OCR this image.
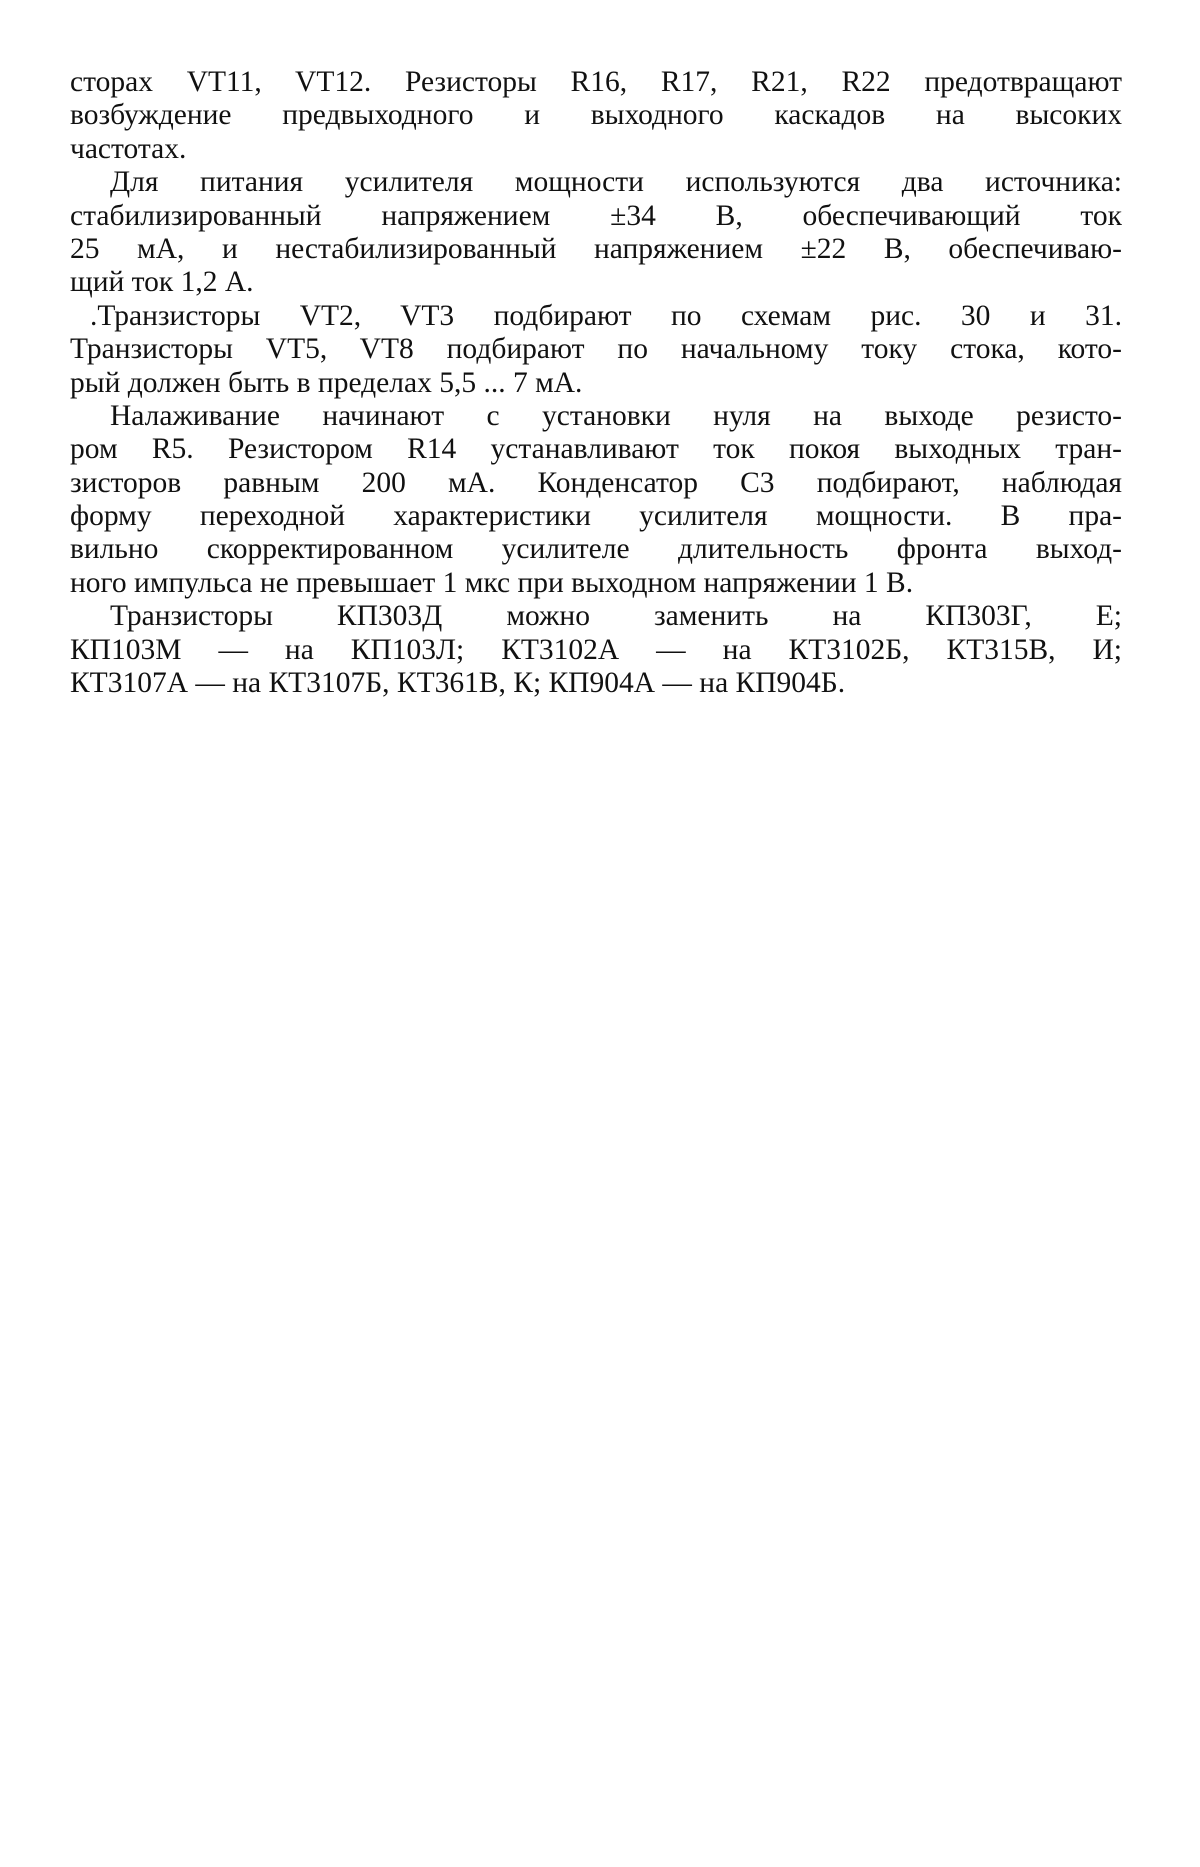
сторах VT11, VT12. Резисторы R16, R17, R21, R22 предотвращают
возбуждение предвыходного и выходного каскадов на высоких
частотах.
Для питания усилителя мощности используются два источника:
стабилизированный напряжением ±34 В, обеспечивающий ток
25 мА, и нестабилизированный напряжением ±22 В, обеспечиваю-
щий ток 1,2 А.
.Транзисторы VT2, VT3 подбирают по схемам рис. 30 и 31.
Транзисторы VT5, VT8 подбирают по начальному току стока, кото-
рый должен быть в пределах 5,5 ... 7 мА.
Налаживание начинают с установки нуля на выходе резисто-
ром R5. Резистором R14 устанавливают ток покоя выходных тран-
зисторов равным 200 мА. Конденсатор С3 подбирают, наблюдая
форму переходной характеристики усилителя мощности. В пра-
вильно скорректированном усилителе длительность фронта выход-
ного импульса не превышает 1 мкс при выходном напряжении 1 В.
Транзисторы КП303Д можно заменить на КП303Г, Е;
КП103М — на КП103Л; КТ3102А — на КТ3102Б, КТ315В, И;
КТ3107А — на КТ3107Б, КТ361В, К; КП904А — на КП904Б.
